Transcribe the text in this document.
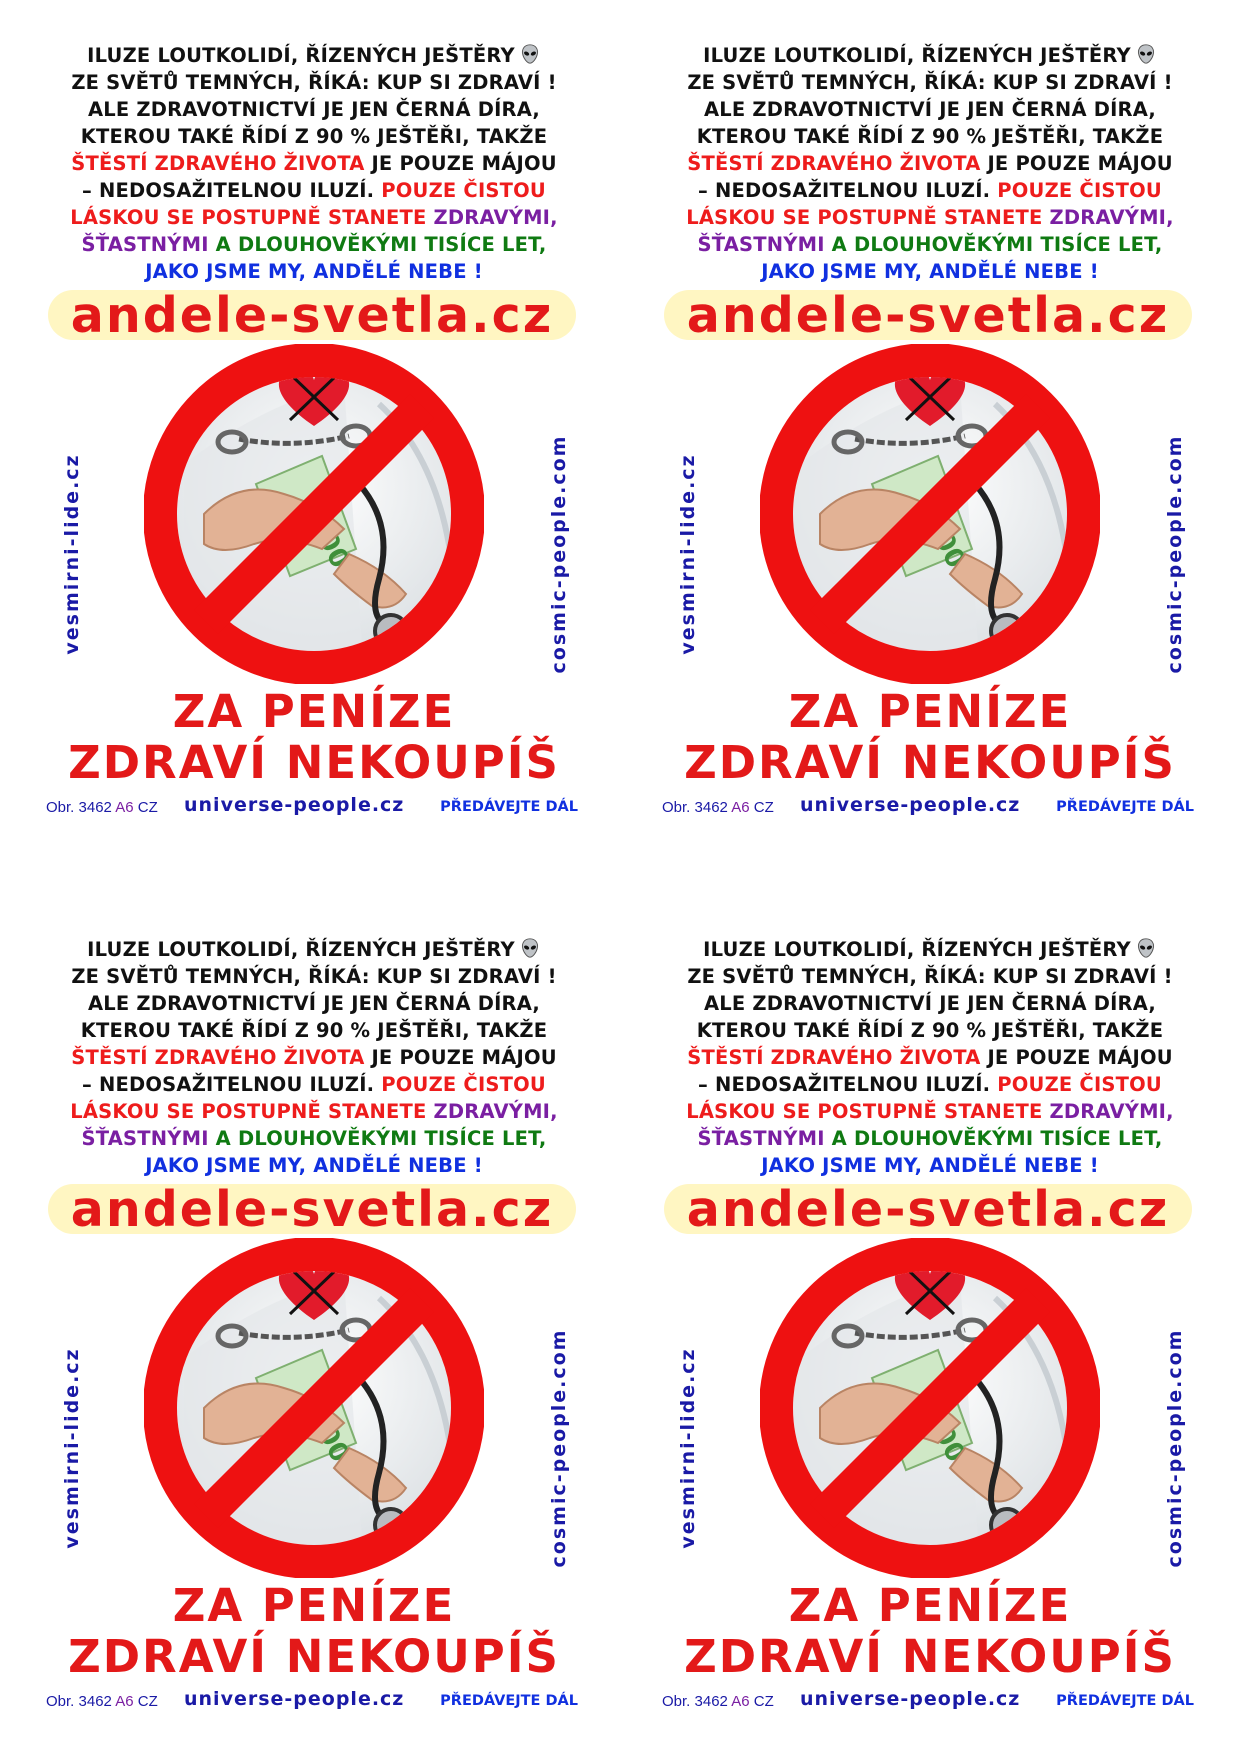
ILUZE LOUTKOLIDÍ, ŘÍZENÝCH JEŠTĚRY
ZE SVĚTŮ TEMNÝCH, ŘÍKÁ: KUP SI ZDRAVÍ !
ALE ZDRAVOTNICTVÍ JE JEN ČERNÁ DÍRA,
KTEROU TAKÉ ŘÍDÍ Z 90 % JEŠTĚŘI, TAKŽE
ŠTĚSTÍ ZDRAVÉHO ŽIVOTA JE POUZE MÁJOU
– NEDOSAŽITELNOU ILUZÍ. POUZE ČISTOU
LÁSKOU SE POSTUPNĚ STANETE ZDRAVÝMI,
ŠŤASTNÝMI A DLOUHOVĚKÝMI TISÍCE LET,
JAKO JSME MY, ANDĚLÉ NEBE !
andele-svetla.cz
vesmirni-lide.cz	cosmic-people.com
ZA PENÍZE
ZDRAVÍ NEKOUPÍŠ
Obr. 3462 A6 CZ universe-people.cz PŘEDÁVEJTE DÁL
ILUZE LOUTKOLIDÍ, ŘÍZENÝCH JEŠTĚRY
ZE SVĚTŮ TEMNÝCH, ŘÍKÁ: KUP SI ZDRAVÍ !
ALE ZDRAVOTNICTVÍ JE JEN ČERNÁ DÍRA,
KTEROU TAKÉ ŘÍDÍ Z 90 % JEŠTĚŘI, TAKŽE
ŠTĚSTÍ ZDRAVÉHO ŽIVOTA JE POUZE MÁJOU
– NEDOSAŽITELNOU ILUZÍ. POUZE ČISTOU
LÁSKOU SE POSTUPNĚ STANETE ZDRAVÝMI,
ŠŤASTNÝMI A DLOUHOVĚKÝMI TISÍCE LET,
JAKO JSME MY, ANDĚLÉ NEBE !
andele-svetla.cz
vesmirni-lide.cz	cosmic-people.com
ZA PENÍZE
ZDRAVÍ NEKOUPÍŠ
Obr. 3462 A6 CZ universe-people.cz PŘEDÁVEJTE DÁL
ILUZE LOUTKOLIDÍ, ŘÍZENÝCH JEŠTĚRY
ZE SVĚTŮ TEMNÝCH, ŘÍKÁ: KUP SI ZDRAVÍ !
ALE ZDRAVOTNICTVÍ JE JEN ČERNÁ DÍRA,
KTEROU TAKÉ ŘÍDÍ Z 90 % JEŠTĚŘI, TAKŽE
ŠTĚSTÍ ZDRAVÉHO ŽIVOTA JE POUZE MÁJOU
– NEDOSAŽITELNOU ILUZÍ. POUZE ČISTOU
LÁSKOU SE POSTUPNĚ STANETE ZDRAVÝMI,
ŠŤASTNÝMI A DLOUHOVĚKÝMI TISÍCE LET,
JAKO JSME MY, ANDĚLÉ NEBE !
andele-svetla.cz
vesmirni-lide.cz	cosmic-people.com
ZA PENÍZE
ZDRAVÍ NEKOUPÍŠ
Obr. 3462 A6 CZ universe-people.cz PŘEDÁVEJTE DÁL
ILUZE LOUTKOLIDÍ, ŘÍZENÝCH JEŠTĚRY
ZE SVĚTŮ TEMNÝCH, ŘÍKÁ: KUP SI ZDRAVÍ !
ALE ZDRAVOTNICTVÍ JE JEN ČERNÁ DÍRA,
KTEROU TAKÉ ŘÍDÍ Z 90 % JEŠTĚŘI, TAKŽE
ŠTĚSTÍ ZDRAVÉHO ŽIVOTA JE POUZE MÁJOU
– NEDOSAŽITELNOU ILUZÍ. POUZE ČISTOU
LÁSKOU SE POSTUPNĚ STANETE ZDRAVÝMI,
ŠŤASTNÝMI A DLOUHOVĚKÝMI TISÍCE LET,
JAKO JSME MY, ANDĚLÉ NEBE !
andele-svetla.cz
vesmirni-lide.cz	cosmic-people.com
ZA PENÍZE
ZDRAVÍ NEKOUPÍŠ
Obr. 3462 A6 CZ universe-people.cz PŘEDÁVEJTE DÁL
